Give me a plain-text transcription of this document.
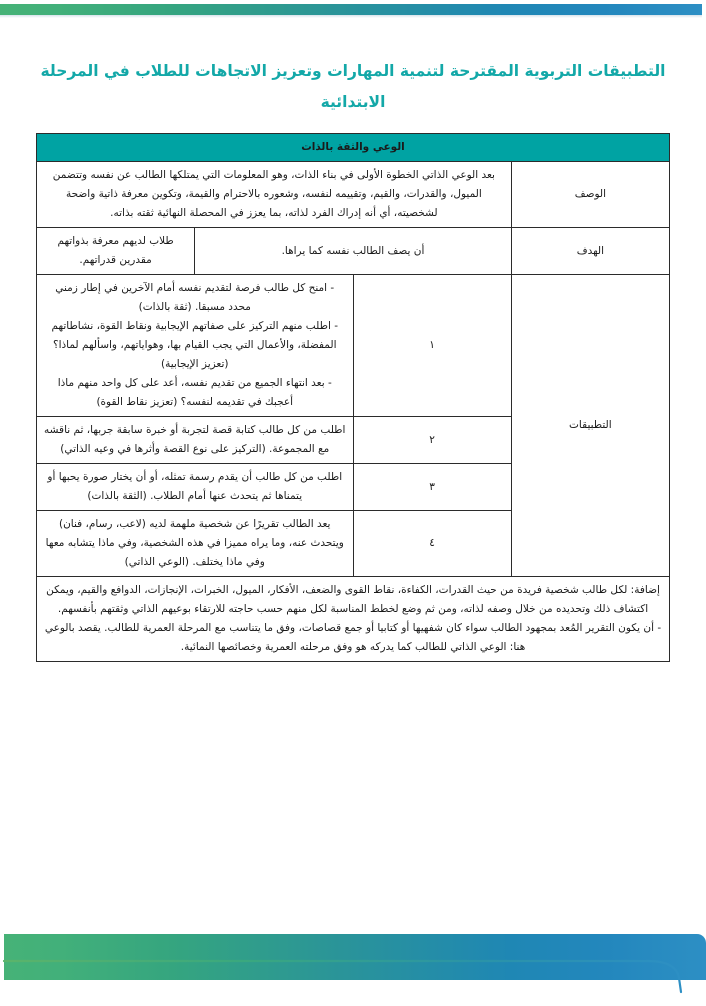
التطبيقات التربوية المقترحة لتنمية المهارات وتعزيز الاتجاهات للطلاب في المرحلة الابتدائية
الوعي والثقة بالذات			
الوصف	بعد الوعي الذاتي الخطوة الأولى في بناء الذات، وهو المعلومات التي يمتلكها الطالب عن نفسه وتتضمن الميول، والقدرات، والقيم، وتقييمه لنفسه، وشعوره بالاحترام والقيمة، وتكوين معرفة ذاتية واضحة لشخصيته، أي أنه إدراك الفرد لذاته، بما يعزز في المحصلة النهائية ثقته بذاته.		
الهدف	أن يصف الطالب نفسه كما يراها.		طلاب لديهم معرفة بذواتهم مقدرين قدراتهم.
التطبيقات	١	- امنح كل طالب فرصة لتقديم نفسه أمام الآخرين في إطار زمني محدد مسبقا. (ثقة بالذات)
- اطلب منهم التركيز على صفاتهم الإيجابية ونقاط القوة، نشاطاتهم المفضلة، والأعمال التي يجب القيام بها، وهواياتهم، واسألهم لماذا؟ (تعزيز الإيجابية)
- بعد انتهاء الجميع من تقديم نفسه، أعد على كل واحد منهم ماذا أعجبك في تقديمه لنفسه؟ (تعزيز نقاط القوة)	

	٢	اطلب من كل طالب كتابة قصة لتجربة أو خبرة سابقة جربها، ثم ناقشه مع المجموعة. (التركيز على نوع القصة وأثرها في وعيه الذاتي)	
	٣	اطلب من كل طالب أن يقدم رسمة تمثله، أو أن يختار صورة يحبها أو يتمناها ثم يتحدث عنها أمام الطلاب. (الثقة بالذات)	
	٤	يعد الطالب تقريرًا عن شخصية ملهمة لديه (لاعب، رسام، فنان) ويتحدث عنه، وما يراه مميزا في هذه الشخصية، وفي ماذا يتشابه معها وفي ماذا يختلف. (الوعي الذاتي)	

إضافة: لكل طالب شخصية فريدة من حيث القدرات، الكفاءة، نقاط القوى والضعف، الأفكار، الميول، الخبرات، الإنجازات، الدوافع والقيم، ويمكن اكتشاف ذلك وتحديده من خلال وصفه لذاته، ومن ثم وضع لخطط المناسبة لكل منهم حسب حاجته للارتقاء بوعيهم الذاتي وثقتهم بأنفسهم.

- أن يكون التقرير المُعد بمجهود الطالب سواء كان شفهيها أو كتابيا أو جمع قصاصات، وفق ما يتناسب مع المرحلة العمرية للطالب. يقصد بالوعي هنا: الوعي الذاتي للطالب كما يدركه هو وفق مرحلته العمرية وخصائصها النمائية.			
